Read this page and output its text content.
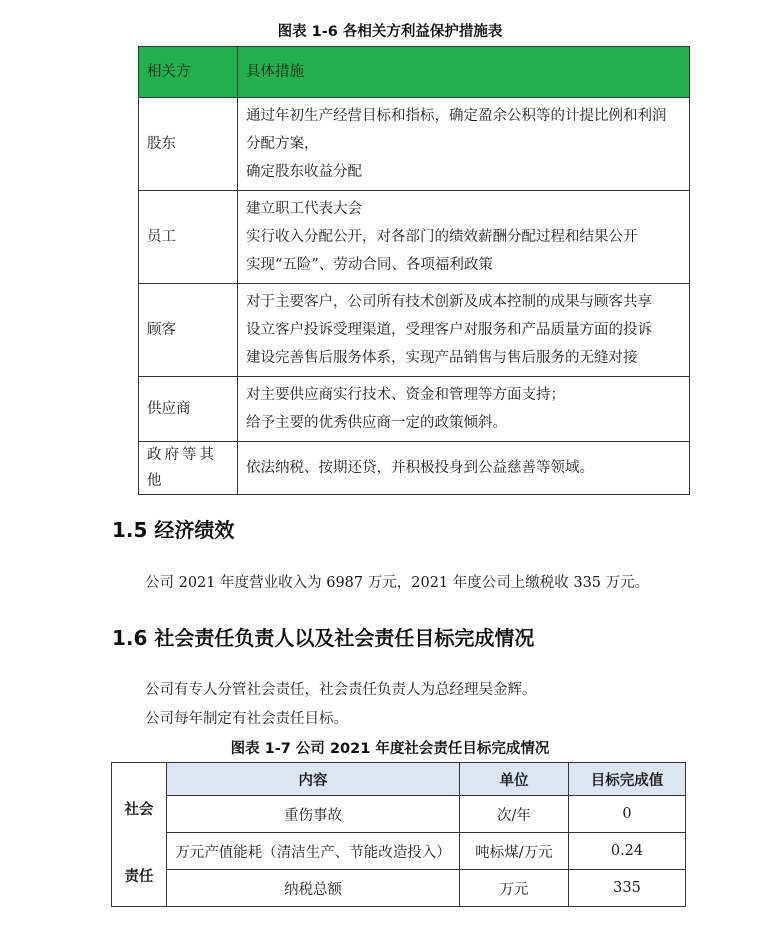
图表 1-6 各相关方利益保护措施表
相关方	具体措施
股东	通过年初生产经营目标和指标，确定盈余公积等的计提比例和利润
分配方案，
确定股东收益分配

员工	建立职工代表大会
实行收入分配公开，对各部门的绩效薪酬分配过程和结果公开
实现“五险”、劳动合同、各项福利政策

顾客	对于主要客户，公司所有技术创新及成本控制的成果与顾客共享
设立客户投诉受理渠道，受理客户对服务和产品质量方面的投诉
建设完善售后服务体系，实现产品销售与售后服务的无缝对接

供应商	对主要供应商实行技术、资金和管理等方面支持；
给予主要的优秀供应商一定的政策倾斜。

政府等其他	依法纳税、按期还贷，并积极投身到公益慈善等领域。
1.5 经济绩效
公司 2021 年度营业收入为 6987 万元，2021 年度公司上缴税收 335 万元。
1.6 社会责任负责人以及社会责任目标完成情况
公司有专人分管社会责任，社会责任负责人为总经理吴金辉。
公司每年制定有社会责任目标。
图表 1-7 公司 2021 年度社会责任目标完成情况
社会
责任	内容	单位	目标完成值
	重伤事故	次/年	0
	万元产值能耗（清洁生产、节能改造投入）	吨标煤/万元	0.24
	纳税总额	万元	335
